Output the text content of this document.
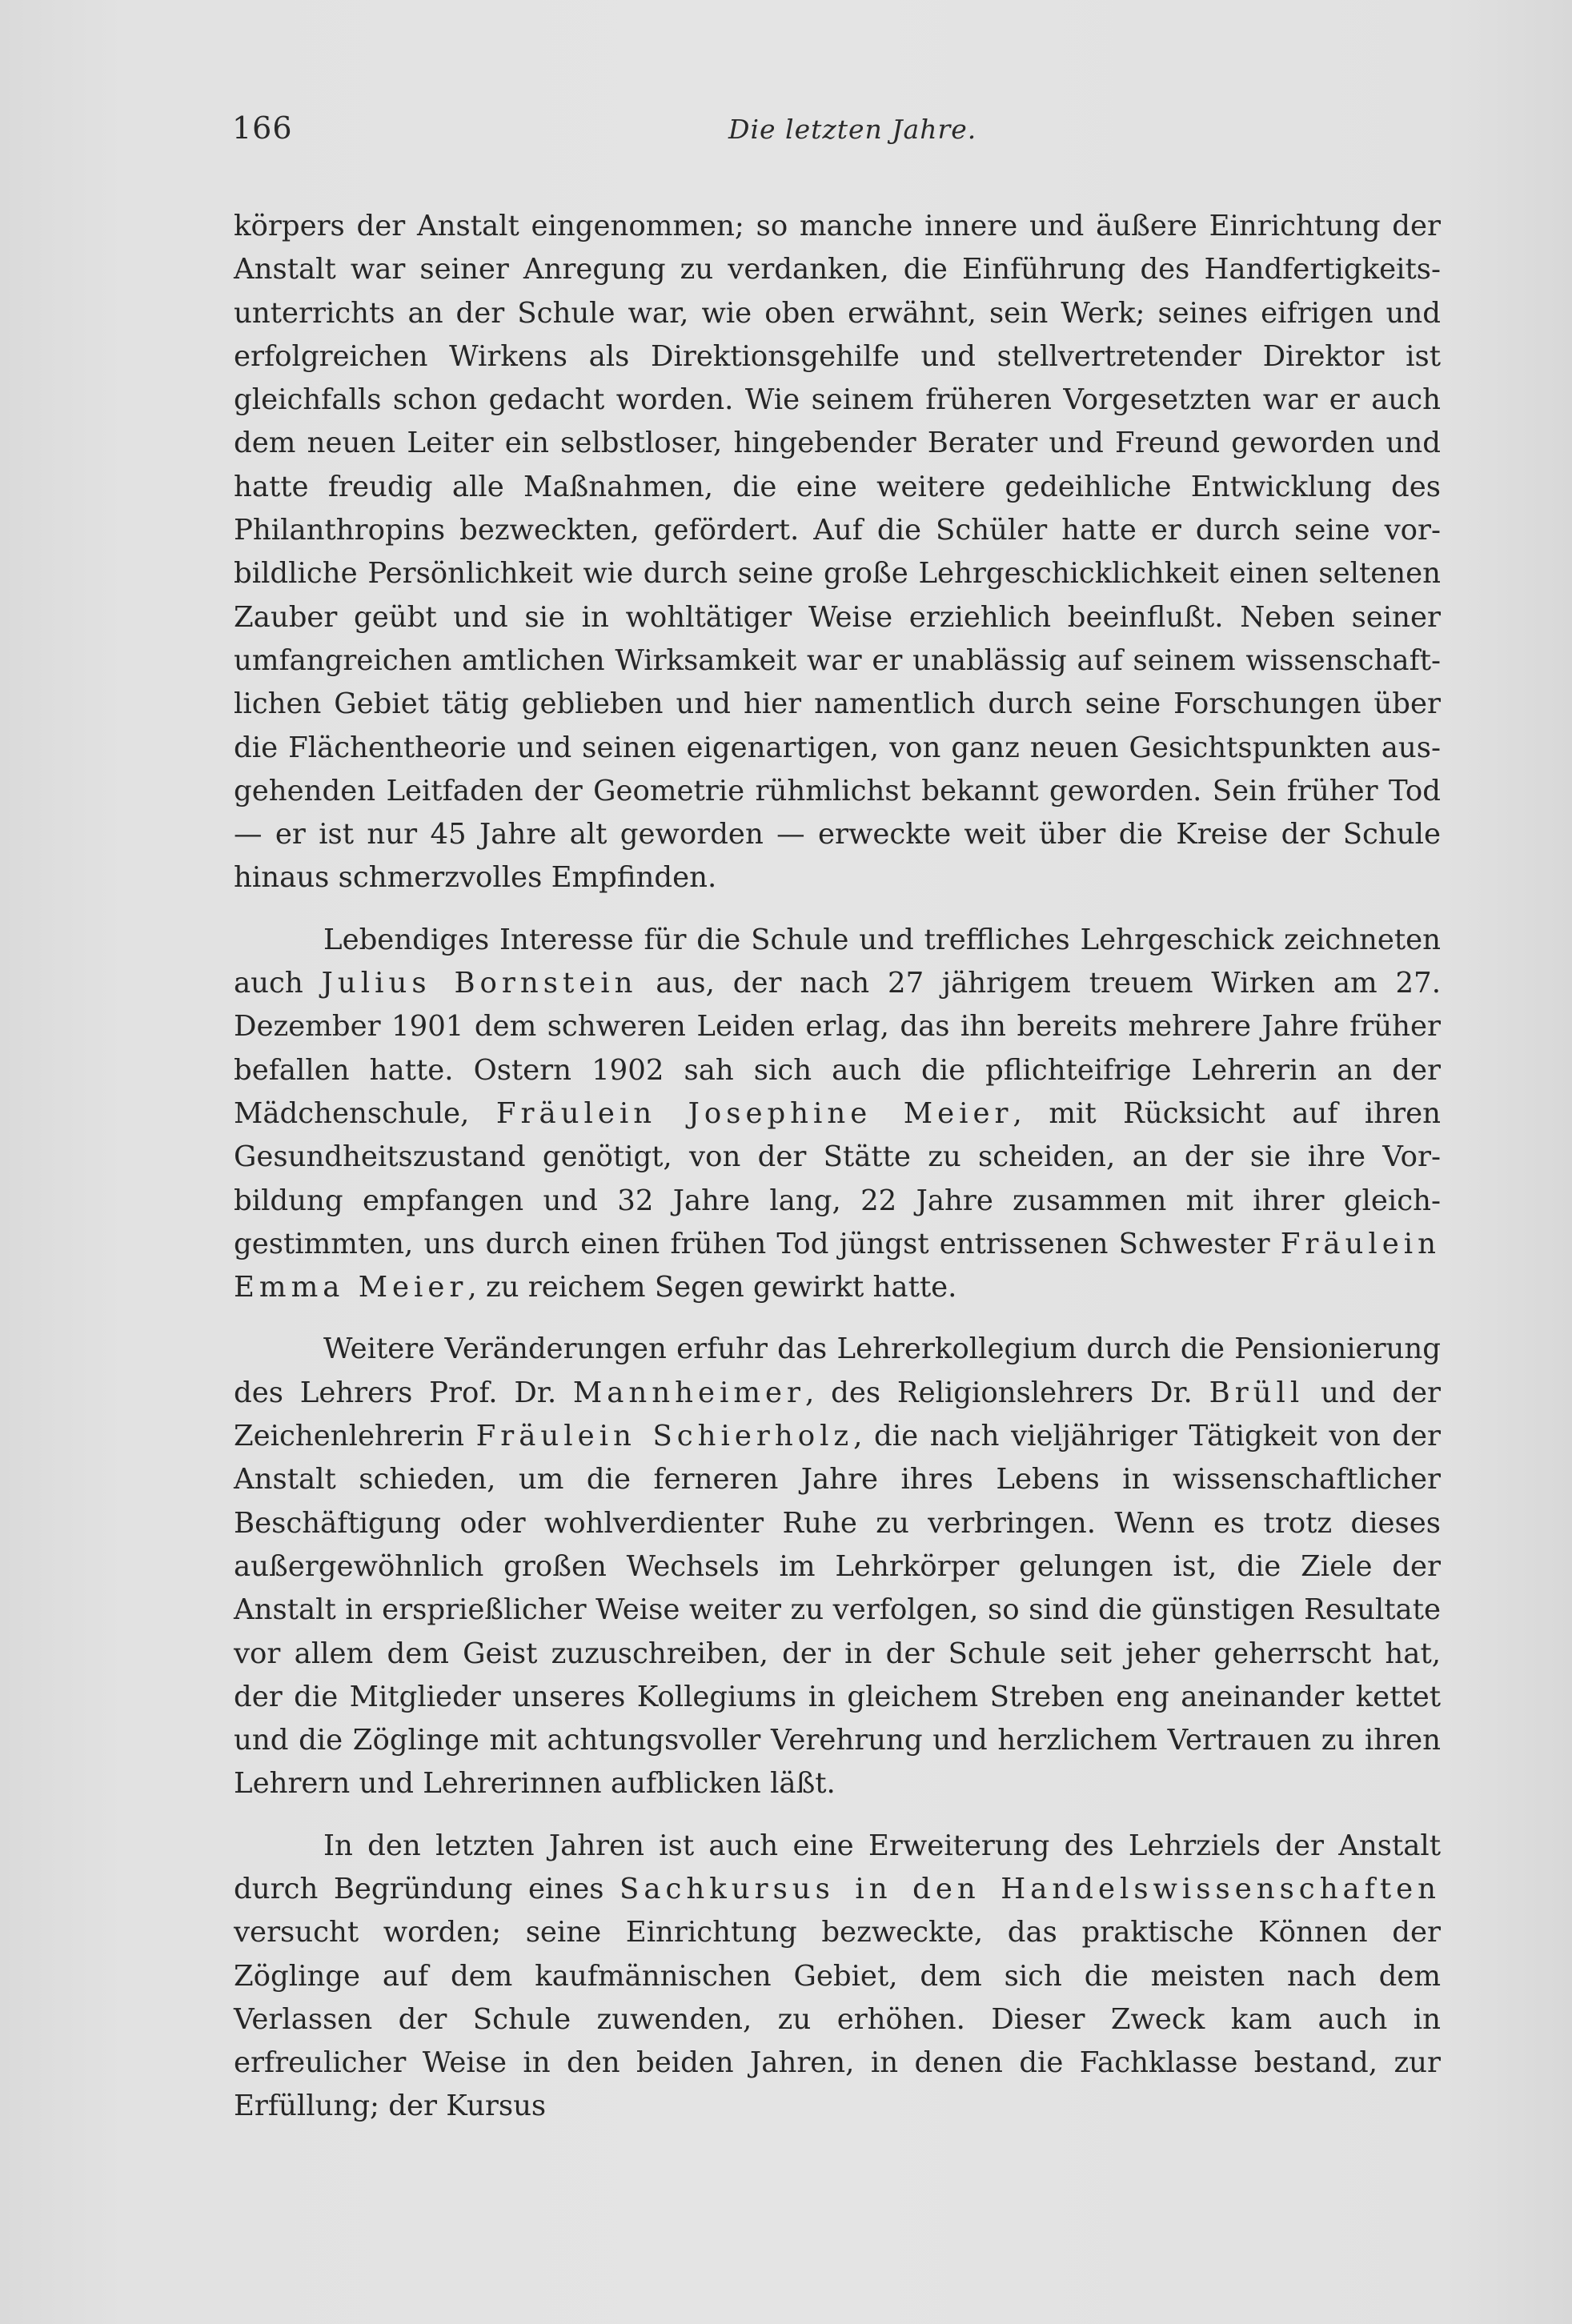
166	Die letzten Jahre.

körpers der Anstalt eingenommen; so manche innere und äußere Einrichtung der Anstalt war seiner Anregung zu verdanken, die Einführung des Handfertigkeitsunterrichts an der Schule war, wie oben erwähnt, sein Werk; seines eifrigen und erfolgreichen Wirkens als Direktionsgehilfe und stellvertretender Direktor ist gleichfalls schon gedacht worden. Wie seinem früheren Vorgesetzten war er auch dem neuen Leiter ein selbstloser, hingebender Berater und Freund geworden und hatte freudig alle Maßnahmen, die eine weitere gedeihliche Entwicklung des Philanthropins bezweckten, gefördert. Auf die Schüler hatte er durch seine vorbildliche Persönlichkeit wie durch seine große Lehrgeschicklichkeit einen seltenen Zauber geübt und sie in wohltätiger Weise erziehlich beeinflußt. Neben seiner umfangreichen amtlichen Wirksamkeit war er unablässig auf seinem wissenschaftlichen Gebiet tätig geblieben und hier namentlich durch seine Forschungen über die Flächentheorie und seinen eigenartigen, von ganz neuen Gesichtspunkten ausgehenden Leitfaden der Geometrie rühmlichst bekannt geworden. Sein früher Tod — er ist nur 45 Jahre alt geworden — erweckte weit über die Kreise der Schule hinaus schmerzvolles Empfinden.

Lebendiges Interesse für die Schule und treffliches Lehrgeschick zeichneten auch Julius Bornstein aus, der nach 27 jährigem treuem Wirken am 27. Dezember 1901 dem schweren Leiden erlag, das ihn bereits mehrere Jahre früher befallen hatte. Ostern 1902 sah sich auch die pflichteifrige Lehrerin an der Mädchenschule, Fräulein Josephine Meier, mit Rücksicht auf ihren Gesundheitszustand genötigt, von der Stätte zu scheiden, an der sie ihre Vorbildung empfangen und 32 Jahre lang, 22 Jahre zusammen mit ihrer gleichgestimmten, uns durch einen frühen Tod jüngst entrissenen Schwester Fräulein Emma Meier, zu reichem Segen gewirkt hatte.

Weitere Veränderungen erfuhr das Lehrerkollegium durch die Pensionierung des Lehrers Prof. Dr. Mannheimer, des Religionslehrers Dr. Brüll und der Zeichenlehrerin Fräulein Schierholz, die nach vieljähriger Tätigkeit von der Anstalt schieden, um die ferneren Jahre ihres Lebens in wissenschaftlicher Beschäftigung oder wohlverdienter Ruhe zu verbringen. Wenn es trotz dieses außergewöhnlich großen Wechsels im Lehrkörper gelungen ist, die Ziele der Anstalt in ersprießlicher Weise weiter zu verfolgen, so sind die günstigen Resultate vor allem dem Geist zuzuschreiben, der in der Schule seit jeher geherrscht hat, der die Mitglieder unseres Kollegiums in gleichem Streben eng aneinander kettet und die Zöglinge mit achtungsvoller Verehrung und herzlichem Vertrauen zu ihren Lehrern und Lehrerinnen aufblicken läßt.

In den letzten Jahren ist auch eine Erweiterung des Lehrziels der Anstalt durch Begründung eines Sachkursus in den Handelswissenschaften versucht worden; seine Einrichtung bezweckte, das praktische Können der Zöglinge auf dem kaufmännischen Gebiet, dem sich die meisten nach dem Verlassen der Schule zuwenden, zu erhöhen. Dieser Zweck kam auch in erfreulicher Weise in den beiden Jahren, in denen die Fachklasse bestand, zur Erfüllung; der Kursus
